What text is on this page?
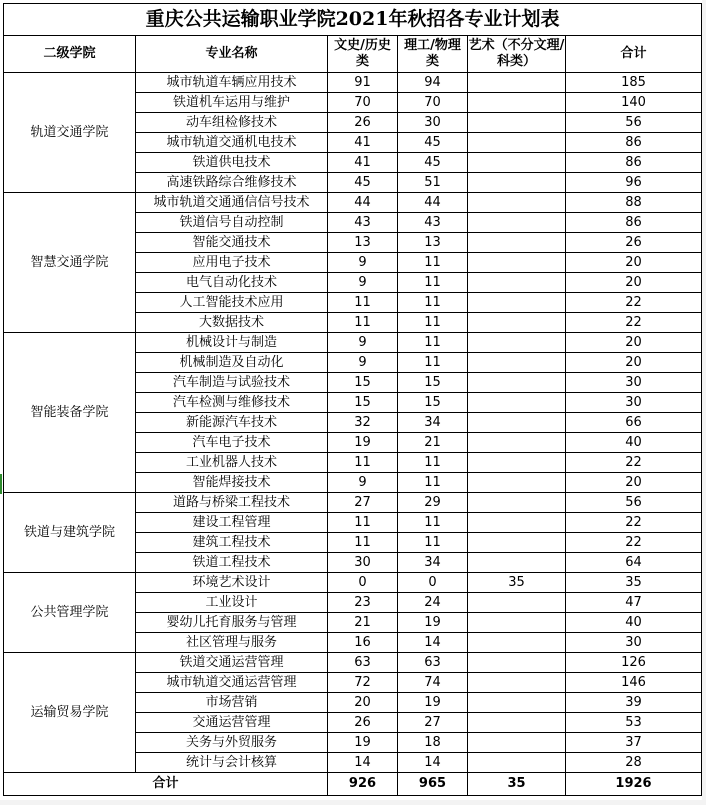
重庆公共运输职业学院2021年秋招各专业计划表					
二级学院	专业名称	文史/历史类	理工/物理类	艺术（不分文理/科类）	合计
轨道交通学院	城市轨道车辆应用技术	91	94		185
	铁道机车运用与维护	70	70		140
	动车组检修技术	26	30		56
	城市轨道交通机电技术	41	45		86
	铁道供电技术	41	45		86
	高速铁路综合维修技术	45	51		96
智慧交通学院	城市轨道交通通信信号技术	44	44		88
	铁道信号自动控制	43	43		86
	智能交通技术	13	13		26
	应用电子技术	9	11		20
	电气自动化技术	9	11		20
	人工智能技术应用	11	11		22
	大数据技术	11	11		22
智能装备学院	机械设计与制造	9	11		20
	机械制造及自动化	9	11		20
	汽车制造与试验技术	15	15		30
	汽车检测与维修技术	15	15		30
	新能源汽车技术	32	34		66
	汽车电子技术	19	21		40
	工业机器人技术	11	11		22
	智能焊接技术	9	11		20
铁道与建筑学院	道路与桥梁工程技术	27	29		56
	建设工程管理	11	11		22
	建筑工程技术	11	11		22
	铁道工程技术	30	34		64
公共管理学院	环境艺术设计	0	0	35	35
	工业设计	23	24		47
	婴幼儿托育服务与管理	21	19		40
	社区管理与服务	16	14		30
运输贸易学院	铁道交通运营管理	63	63		126
	城市轨道交通运营管理	72	74		146
	市场营销	20	19		39
	交通运营管理	26	27		53
	关务与外贸服务	19	18		37
	统计与会计核算	14	14		28
合计		926	965	35	1926
